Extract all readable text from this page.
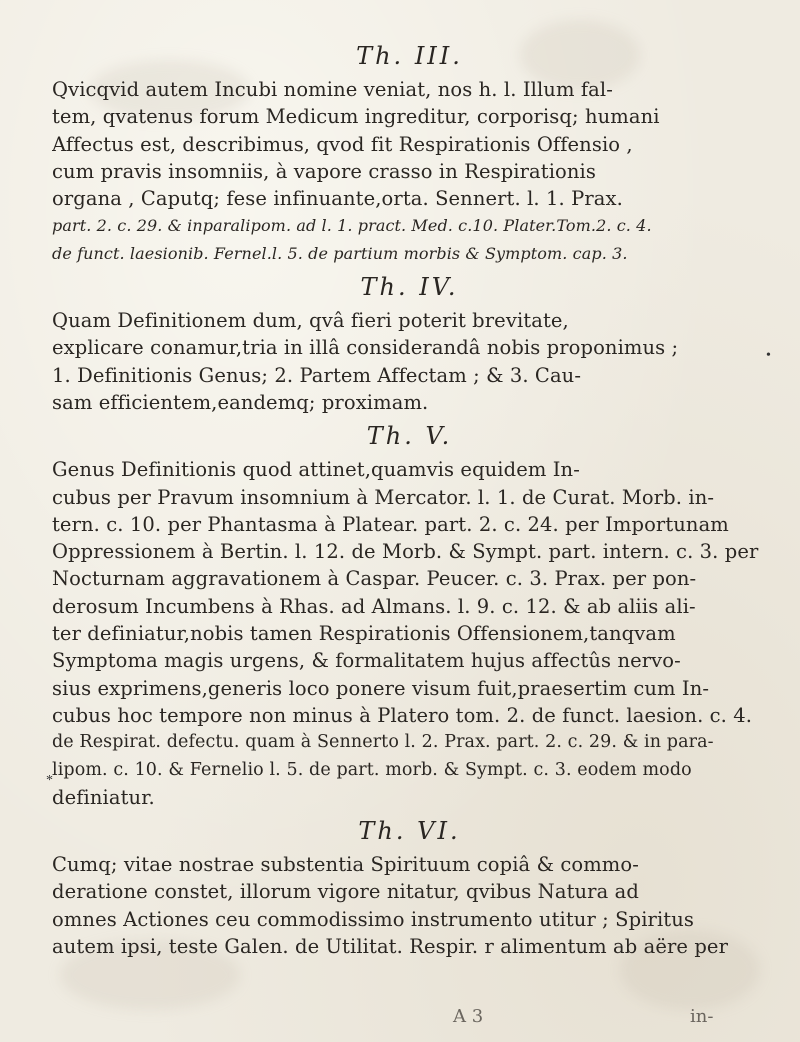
Th. III.
Qvicqvid autem Incubi nomine veniat, nos h. l. Illum fal-
tem, qvatenus forum Medicum ingreditur, corporisq; humani
Affectus est, describimus, qvod fit Respirationis Offensio ,
cum pravis insomniis, à vapore crasso in Respirationis
organa , Caputq; fese infinuante,orta. Sennert. l. 1. Prax.
part. 2. c. 29. & inparalipom. ad l. 1. pract. Med. c.10. Plater.Tom.2. c. 4.
de funct. laesionib. Fernel.l. 5. de partium morbis & Symptom. cap. 3.
Th. IV.
Quam Definitionem dum, qvâ fieri poterit brevitate,
explicare conamur,tria in illâ considerandâ nobis proponimus ;
1. Definitionis Genus; 2. Partem Affectam ; & 3. Cau-
sam efficientem,eandemq; proximam.
Th. V.
Genus Definitionis quod attinet,quamvis equidem In-
cubus per Pravum insomnium à Mercator. l. 1. de Curat. Morb. in-
tern. c. 10. per Phantasma à Platear. part. 2. c. 24. per Importunam
Oppressionem à Bertin. l. 12. de Morb. & Sympt. part. intern. c. 3. per
Nocturnam aggravationem à Caspar. Peucer. c. 3. Prax. per pon-
derosum Incumbens à Rhas. ad Almans. l. 9. c. 12. & ab aliis ali-
ter definiatur,nobis tamen Respirationis Offensionem,tanqvam
Symptoma magis urgens, & formalitatem hujus affectûs nervo-
sius exprimens,generis loco ponere visum fuit,praesertim cum In-
cubus hoc tempore non minus à Platero tom. 2. de funct. laesion. c. 4.
de Respirat. defectu. quam à Sennerto l. 2. Prax. part. 2. c. 29. & in para-
lipom. c. 10. & Fernelio l. 5. de part. morb. & Sympt. c. 3. eodem modo
definiatur.
Th. VI.
Cumq; vitae nostrae substentia Spirituum copiâ & commo-
deratione constet, illorum vigore nitatur, qvibus Natura ad
omnes Actiones ceu commodissimo instrumento utitur ; Spiritus
autem ipsi, teste Galen. de Utilitat. Respir. r alimentum ab aëre per
A 3	in-
•
*
